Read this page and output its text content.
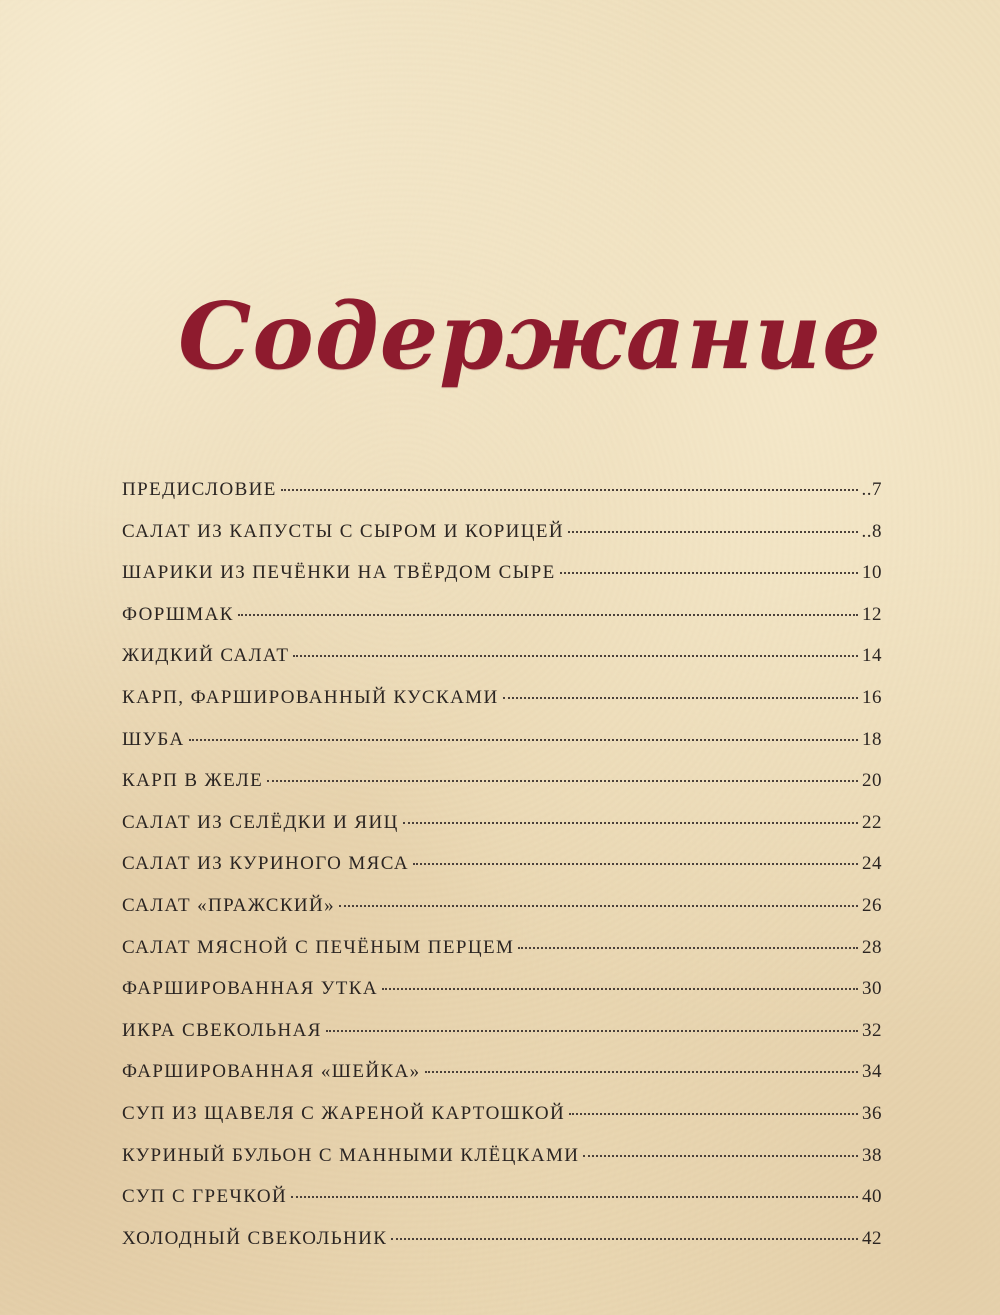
Содержание
ПРЕДИСЛОВИЕ	..7
САЛАТ ИЗ КАПУСТЫ С СЫРОМ И КОРИЦЕЙ	..8
ШАРИКИ ИЗ ПЕЧЁНКИ НА ТВЁРДОМ СЫРЕ	10
ФОРШМАК	12
ЖИДКИЙ САЛАТ	14
КАРП, ФАРШИРОВАННЫЙ КУСКАМИ	16
ШУБА	18
КАРП В ЖЕЛЕ	20
САЛАТ ИЗ СЕЛЁДКИ И ЯИЦ	22
САЛАТ ИЗ КУРИНОГО МЯСА	24
САЛАТ «ПРАЖСКИЙ»	26
САЛАТ МЯСНОЙ С ПЕЧЁНЫМ ПЕРЦЕМ	28
ФАРШИРОВАННАЯ УТКА	30
ИКРА СВЕКОЛЬНАЯ	32
ФАРШИРОВАННАЯ «ШЕЙКА»	34
СУП ИЗ ЩАВЕЛЯ С ЖАРЕНОЙ КАРТОШКОЙ	36
КУРИНЫЙ БУЛЬОН С МАННЫМИ КЛЁЦКАМИ	38
СУП С ГРЕЧКОЙ	40
ХОЛОДНЫЙ СВЕКОЛЬНИК	42
